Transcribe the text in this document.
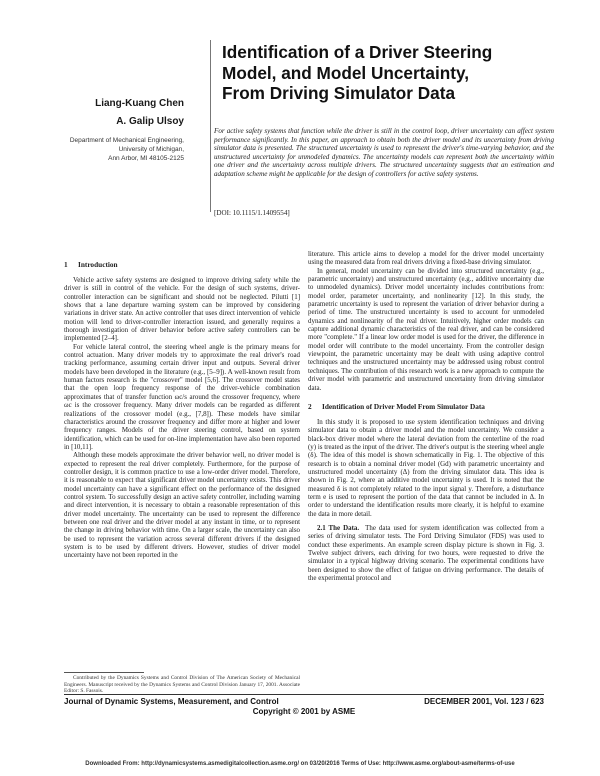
Identification of a Driver Steering
Model, and Model Uncertainty,
From Driving Simulator Data
Liang-Kuang Chen
A. Galip Ulsoy
Department of Mechanical Engineering,
University of Michigan,
Ann Arbor, MI 48105-2125
For active safety systems that function while the driver is still in the control loop, driver uncertainty can affect system performance significantly. In this paper, an approach to obtain both the driver model and its uncertainty from driving simulator data is presented. The structured uncertainty is used to represent the driver's time-varying behavior, and the unstructured uncertainty for unmodeled dynamics. The uncertainty models can represent both the uncertainty within one driver and the uncertainty across multiple drivers. The structured uncertainty suggests that an estimation and adaptation scheme might be applicable for the design of controllers for active safety systems.
[DOI: 10.1115/1.1409554]
1 Introduction

Vehicle active safety systems are designed to improve driving safety while the driver is still in control of the vehicle. For the design of such systems, driver-controller interaction can be significant and should not be neglected. Pilutti [1] shows that a lane departure warning system can be improved by considering variations in driver state. An active controller that uses direct intervention of vehicle motion will lend to driver-controller interaction issued, and generally requires a thorough investigation of driver behavior before active safety controllers can be implemented [2–4].

For vehicle lateral control, the steering wheel angle is the primary means for control actuation. Many driver models try to approximate the real driver's road tracking performance, assuming certain driver input and outputs. Several driver models have been developed in the literature (e.g., [5–9]). A well-known result from human factors research is the "crossover" model [5,6]. The crossover model states that the open loop frequency response of the driver-vehicle combination approximates that of transfer function ωc/s around the crossover frequency, where ωc is the crossover frequency. Many driver models can be regarded as different realizations of the crossover model (e.g., [7,8]). These models have similar characteristics around the crossover frequency and differ more at higher and lower frequency ranges. Models of the driver steering control, based on system identification, which can be used for on-line implementation have also been reported in [10,11].

Although these models approximate the driver behavior well, no driver model is expected to represent the real driver completely. Furthermore, for the purpose of controller design, it is common practice to use a low-order driver model. Therefore, it is reasonable to expect that significant driver model uncertainty exists. This driver model uncertainty can have a significant effect on the performance of the designed control system. To successfully design an active safety controller, including warning and direct intervention, it is necessary to obtain a reasonable representation of this driver model uncertainty. The uncertainty can be used to represent the difference between one real driver and the driver model at any instant in time, or to represent the change in driving behavior with time. On a larger scale, the uncertainty can also be used to represent the variation across several different drivers if the designed system is to be used by different drivers. However, studies of driver model uncertainty have not been reported in the

literature. This article aims to develop a model for the driver model uncertainty using the measured data from real drivers driving a fixed-base driving simulator.

In general, model uncertainty can be divided into structured uncertainty (e.g., parametric uncertainty) and unstructured uncertainty (e.g., additive uncertainty due to unmodeled dynamics). Driver model uncertainty includes contributions from: model order, parameter uncertainty, and nonlinearity [12]. In this study, the parametric uncertainty is used to represent the variation of driver behavior during a period of time. The unstructured uncertainty is used to account for unmodeled dynamics and nonlinearity of the real driver. Intuitively, higher order models can capture additional dynamic characteristics of the real driver, and can be considered more "complete." If a linear low order model is used for the driver, the difference in model order will contribute to the model uncertainty. From the controller design viewpoint, the parametric uncertainty may be dealt with using adaptive control techniques and the unstructured uncertainty may be addressed using robust control techniques. The contribution of this research work is a new approach to compute the driver model with parametric and unstructured uncertainty from driving simulator data.

2 Identification of Driver Model From Simulator Data

In this study it is proposed to use system identification techniques and driving simulator data to obtain a driver model and the model uncertainty. We consider a black-box driver model where the lateral deviation from the centerline of the road (y) is treated as the input of the driver. The driver's output is the steering wheel angle (δ). The idea of this model is shown schematically in Fig. 1. The objective of this research is to obtain a nominal driver model (Gd) with parametric uncertainty and unstructured model uncertainty (Δ) from the driving simulator data. This idea is shown in Fig. 2, where an additive model uncertainty is used. It is noted that the measured δ is not completely related to the input signal y. Therefore, a disturbance term e is used to represent the portion of the data that cannot be included in Δ. In order to understand the identification results more clearly, it is helpful to examine the data in more detail.

2.1 The Data. The data used for system identification was collected from a series of driving simulator tests. The Ford Driving Simulator (FDS) was used to conduct these experiments. An example screen display picture is shown in Fig. 3. Twelve subject drivers, each driving for two hours, were requested to drive the simulator in a typical highway driving scenario. The experimental conditions have been designed to show the effect of fatigue on driving performance. The details of the experimental protocol and

Contributed by the Dynamics Systems and Control Division of The American Society of Mechanical Engineers. Manuscript received by the Dynamics Systems and Control Division January 17, 2001. Associate Editor: S. Fassois.
Journal of Dynamic Systems, Measurement, and Control	DECEMBER 2001, Vol. 123 / 623
Copyright © 2001 by ASME
Downloaded From: http://dynamicsystems.asmedigitalcollection.asme.org/ on 03/20/2016 Terms of Use: http://www.asme.org/about-asme/terms-of-use
